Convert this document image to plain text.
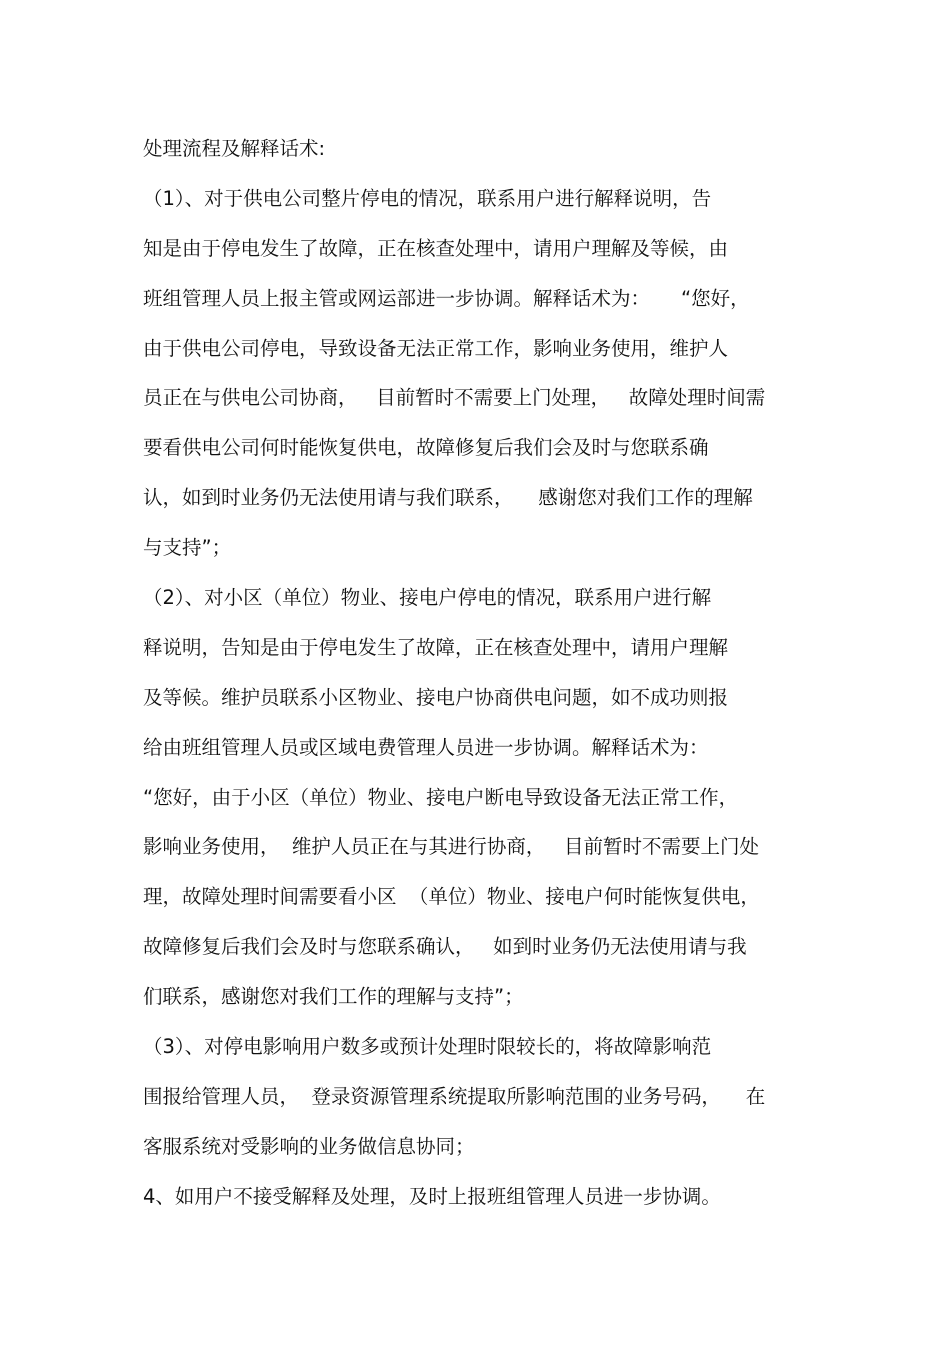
处理流程及解释话术:
（1）、对于供电公司整片停电的情况，联系用户进行解释说明，告
知是由于停电发生了故障，正在核查处理中，请用户理解及等候，由
班组管理人员上报主管或网运部进一步协调。解释话术为：     “您好，
由于供电公司停电，导致设备无法正常工作，影响业务使用，维护人
员正在与供电公司协商，   目前暂时不需要上门处理，   故障处理时间需
要看供电公司何时能恢复供电，故障修复后我们会及时与您联系确
认，如到时业务仍无法使用请与我们联系，    感谢您对我们工作的理解
与支持”；
（2）、对小区（单位）物业、接电户停电的情况，联系用户进行解
释说明，告知是由于停电发生了故障，正在核查处理中，请用户理解
及等候。维护员联系小区物业、接电户协商供电问题，如不成功则报
给由班组管理人员或区域电费管理人员进一步协调。解释话术为：
“您好，由于小区（单位）物业、接电户断电导致设备无法正常工作，
影响业务使用，  维护人员正在与其进行协商，   目前暂时不需要上门处
理，故障处理时间需要看小区  （单位）物业、接电户何时能恢复供电，
故障修复后我们会及时与您联系确认，   如到时业务仍无法使用请与我
们联系，感谢您对我们工作的理解与支持”；
（3）、对停电影响用户数多或预计处理时限较长的，将故障影响范
围报给管理人员，  登录资源管理系统提取所影响范围的业务号码，    在
客服系统对受影响的业务做信息协同；
4、如用户不接受解释及处理，及时上报班组管理人员进一步协调。
